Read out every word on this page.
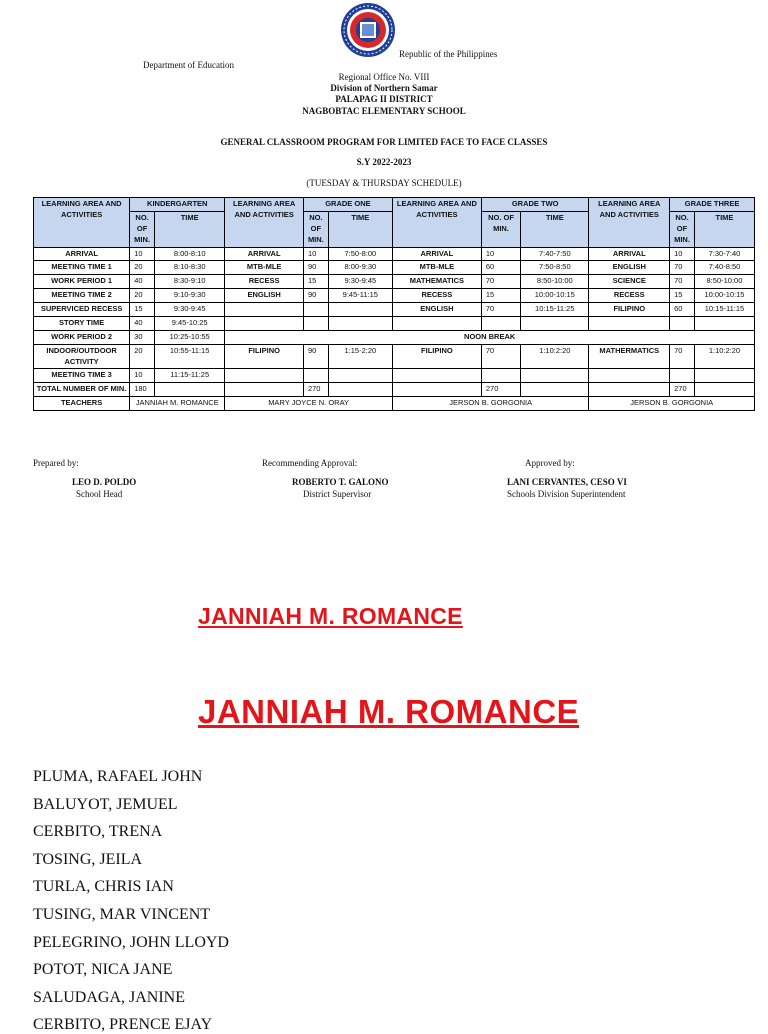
Republic of the Philippines
Department of Education
Regional Office No. VIII
Division of Northern Samar
PALAPAG II DISTRICT
NAGBOBTAC ELEMENTARY SCHOOL
GENERAL CLASSROOM PROGRAM FOR LIMITED FACE TO FACE CLASSES
S.Y 2022-2023
(TUESDAY & THURSDAY SCHEDULE)
LEARNING AREA AND ACTIVITIES	KINDERGARTEN		LEARNING AREA AND ACTIVITIES	GRADE ONE		LEARNING AREA AND ACTIVITIES	GRADE TWO		LEARNING AREA AND ACTIVITIES	GRADE THREE	
	NO. OF MIN.	TIME		NO. OF MIN.	TIME		NO. OF MIN.	TIME		NO. OF MIN.	TIME
ARRIVAL	10	8:00-8:10	ARRIVAL	10	7:50-8:00	ARRIVAL	10	7:40-7:50	ARRIVAL	10	7:30-7:40
MEETING TIME 1	20	8:10-8:30	MTB-MLE	90	8:00-9:30	MTB-MLE	60	7:50-8:50	ENGLISH	70	7:40-8:50
WORK PERIOD 1	40	8:30-9:10	RECESS	15	9:30-9:45	MATHEMATICS	70	8:50-10:00	SCIENCE	70	8:50-10:00
MEETING TIME 2	20	9:10-9:30	ENGLISH	90	9:45-11:15	RECESS	15	10:00-10:15	RECESS	15	10:00-10:15
SUPERVICED RECESS	15	9:30-9:45				ENGLISH	70	10:15-11:25	FILIPINO	60	10:15-11:15
STORY TIME	40	9:45-10:25									
WORK PERIOD 2	30	10:25-10:55	NOON BREAK								
INDOOR/OUTDOOR ACTIVITY	20	10:55-11:15	FILIPINO	90	1:15-2:20	FILIPINO	70	1:10:2:20	MATHERMATICS	70	1:10:2:20
MEETING TIME 3	10	11:15-11:25									
TOTAL NUMBER OF MIN.	180			270			270			270	
TEACHERS	JANNIAH M. ROMANCE		MARY JOYCE N. ORAY			JERSON B. GORGONIA			JERSON B. GORGONIA		
Prepared by:	Recommending Approval:	Approved by:
LEO D. POLDO
School Head
ROBERTO T. GALONO
District Supervisor
LANI CERVANTES, CESO VI
Schools Division Superintendent
JANNIAH M. ROMANCE
JANNIAH M. ROMANCE
PLUMA, RAFAEL JOHN
BALUYOT, JEMUEL
CERBITO, TRENA
TOSING, JEILA
TURLA, CHRIS IAN
TUSING, MAR VINCENT
PELEGRINO, JOHN LLOYD
POTOT, NICA JANE
SALUDAGA, JANINE
CERBITO, PRENCE EJAY
